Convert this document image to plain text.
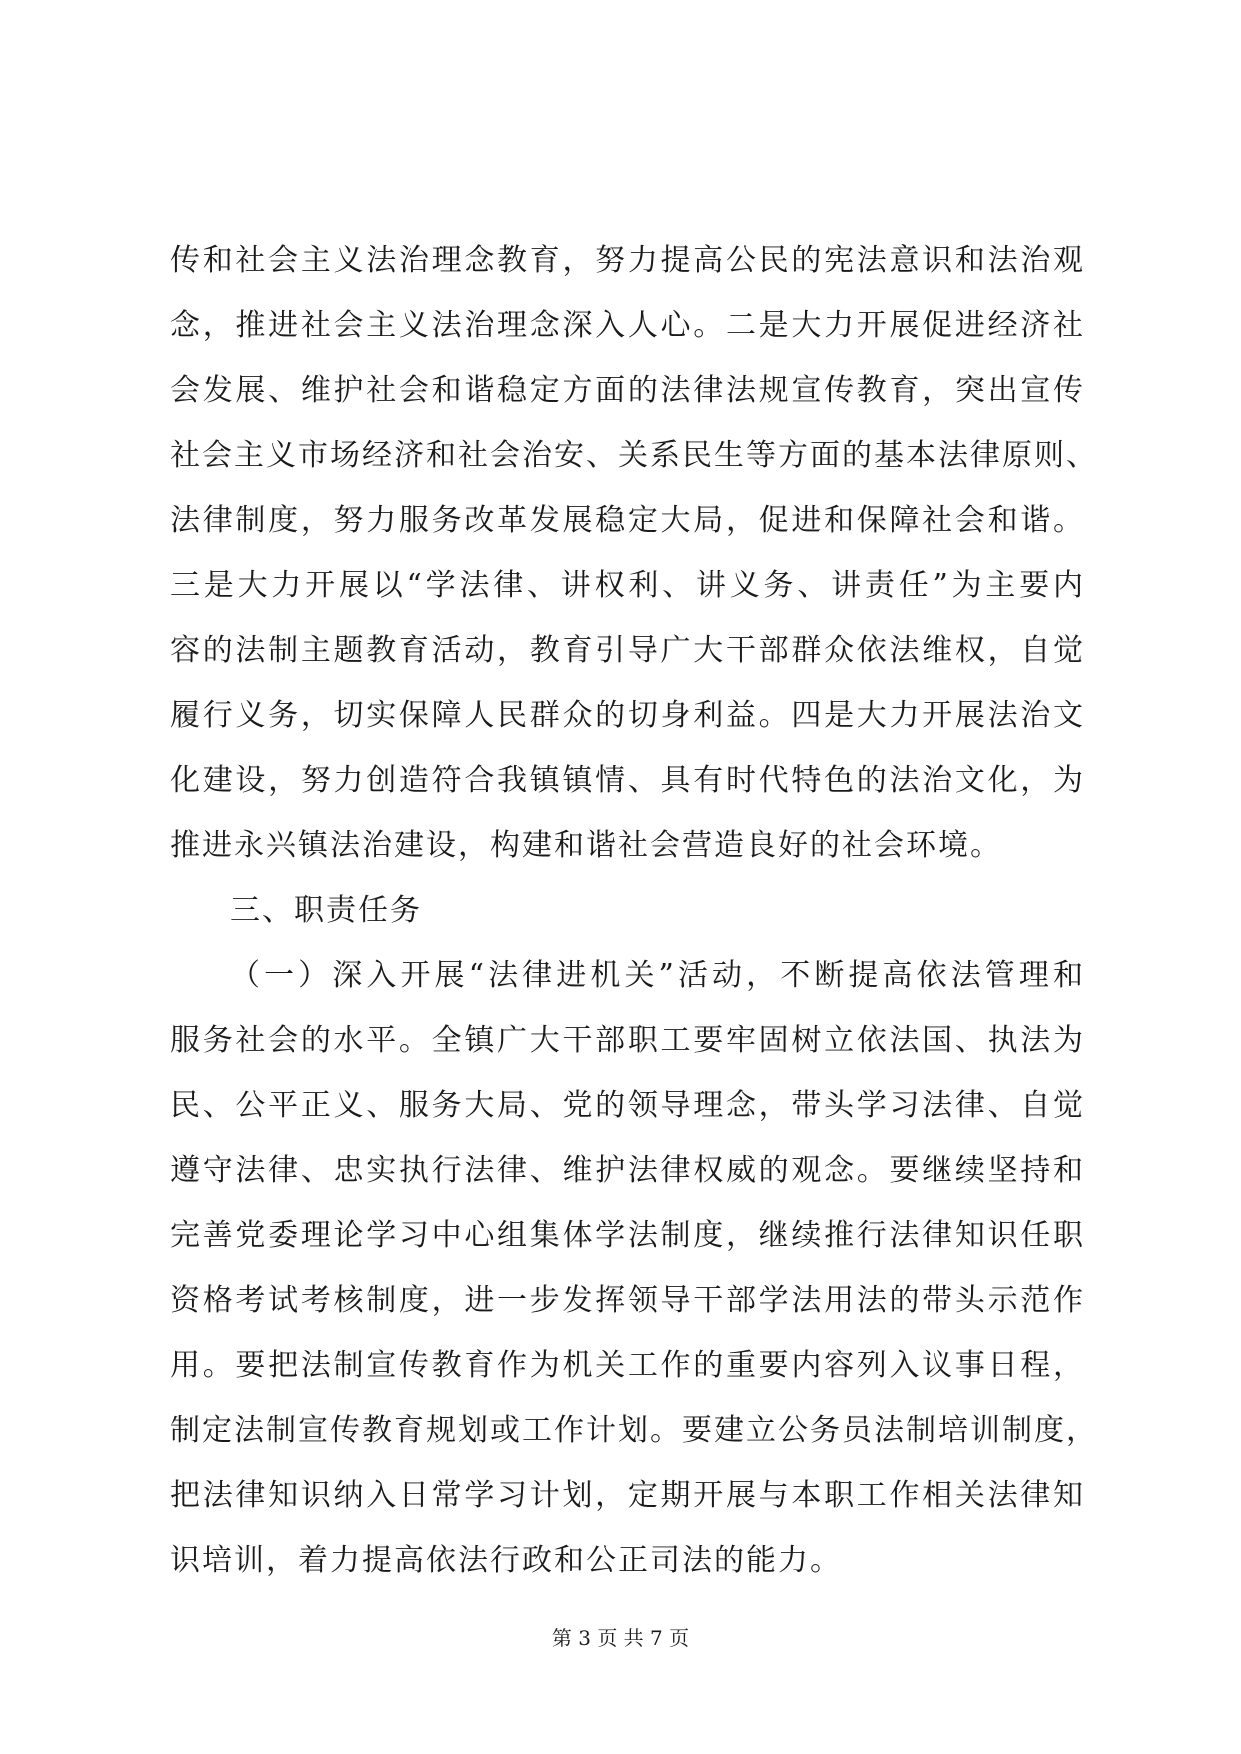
传和社会主义法治理念教育，努力提高公民的宪法意识和法治观
念，推进社会主义法治理念深入人心。二是大力开展促进经济社
会发展、维护社会和谐稳定方面的法律法规宣传教育，突出宣传
社会主义市场经济和社会治安、关系民生等方面的基本法律原则、
法律制度，努力服务改革发展稳定大局，促进和保障社会和谐。
三是大力开展以“学法律、讲权利、讲义务、讲责任”为主要内
容的法制主题教育活动，教育引导广大干部群众依法维权，自觉
履行义务，切实保障人民群众的切身利益。四是大力开展法治文
化建设，努力创造符合我镇镇情、具有时代特色的法治文化，为
推进永兴镇法治建设，构建和谐社会营造良好的社会环境。
三、职责任务
（一）深入开展“法律进机关”活动，不断提高依法管理和
服务社会的水平。全镇广大干部职工要牢固树立依法国、执法为
民、公平正义、服务大局、党的领导理念，带头学习法律、自觉
遵守法律、忠实执行法律、维护法律权威的观念。要继续坚持和
完善党委理论学习中心组集体学法制度，继续推行法律知识任职
资格考试考核制度，进一步发挥领导干部学法用法的带头示范作
用。要把法制宣传教育作为机关工作的重要内容列入议事日程，
制定法制宣传教育规划或工作计划。要建立公务员法制培训制度，
把法律知识纳入日常学习计划，定期开展与本职工作相关法律知
识培训，着力提高依法行政和公正司法的能力。
第 3 页 共 7 页
